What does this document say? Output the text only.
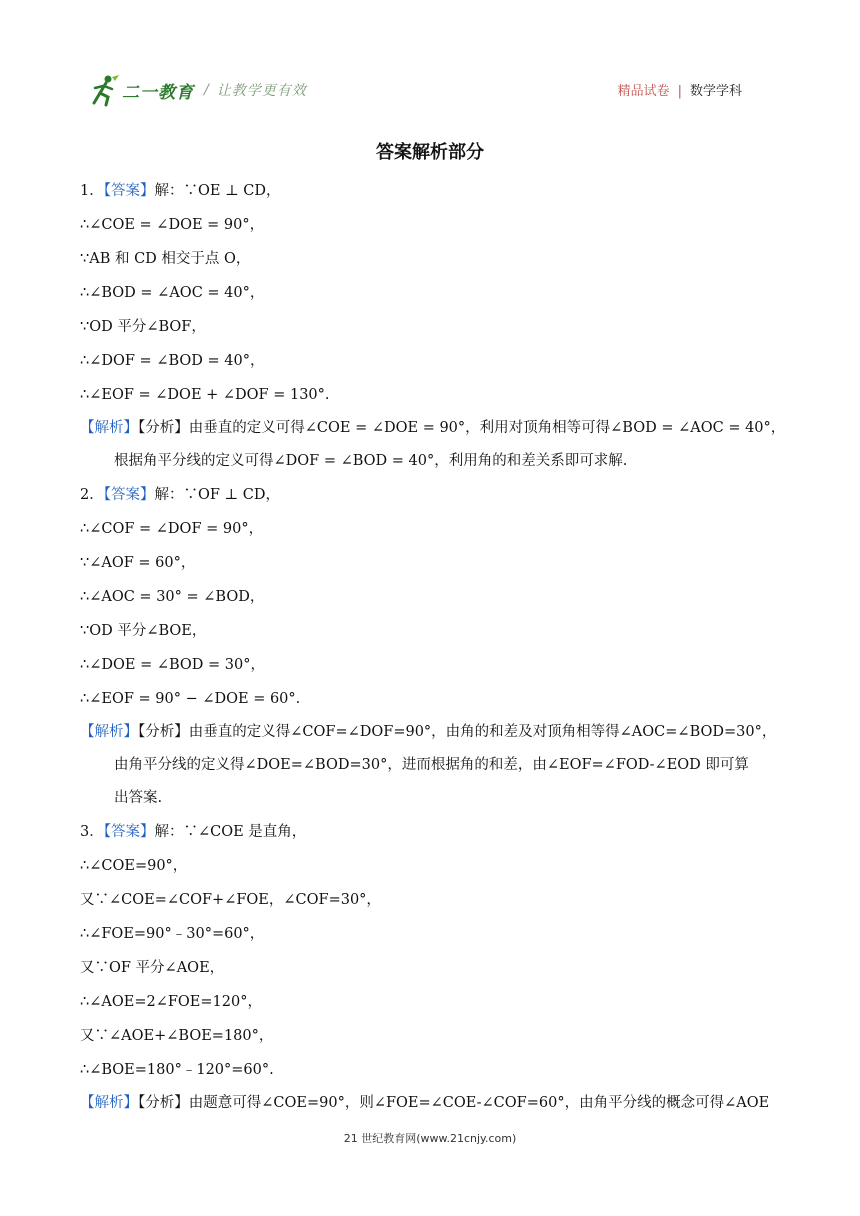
二一教育 / 让教学更有效	精品试卷 | 数学学科
答案解析部分
1．【答案】解：∵OE ⊥ CD，
∴∠COE = ∠DOE = 90°，
∵AB 和 CD 相交于点 O，
∴∠BOD = ∠AOC = 40°，
∵OD 平分∠BOF，
∴∠DOF = ∠BOD = 40°，
∴∠EOF = ∠DOE + ∠DOF = 130°.
【解析】【分析】由垂直的定义可得∠COE = ∠DOE = 90°，利用对顶角相等可得∠BOD = ∠AOC = 40°，
根据角平分线的定义可得∠DOF = ∠BOD = 40°，利用角的和差关系即可求解.
2．【答案】解：∵OF ⊥ CD，
∴∠COF = ∠DOF = 90°，
∵∠AOF = 60°，
∴∠AOC = 30° = ∠BOD，
∵OD 平分∠BOE，
∴∠DOE = ∠BOD = 30°，
∴∠EOF = 90° − ∠DOE = 60°.
【解析】【分析】由垂直的定义得∠COF=∠DOF=90°，由角的和差及对顶角相等得∠AOC=∠BOD=30°，
由角平分线的定义得∠DOE=∠BOD=30°，进而根据角的和差，由∠EOF=∠FOD-∠EOD 即可算
出答案.
3．【答案】解：∵∠COE 是直角，
∴∠COE=90°，
又∵∠COE=∠COF+∠FOE，∠COF=30°，
∴∠FOE=90°﹣30°=60°，
又∵OF 平分∠AOE，
∴∠AOE=2∠FOE=120°，
又∵∠AOE+∠BOE=180°，
∴∠BOE=180°﹣120°=60°.
【解析】【分析】由题意可得∠COE=90°，则∠FOE=∠COE-∠COF=60°，由角平分线的概念可得∠AOE
21 世纪教育网(www.21cnjy.com)
